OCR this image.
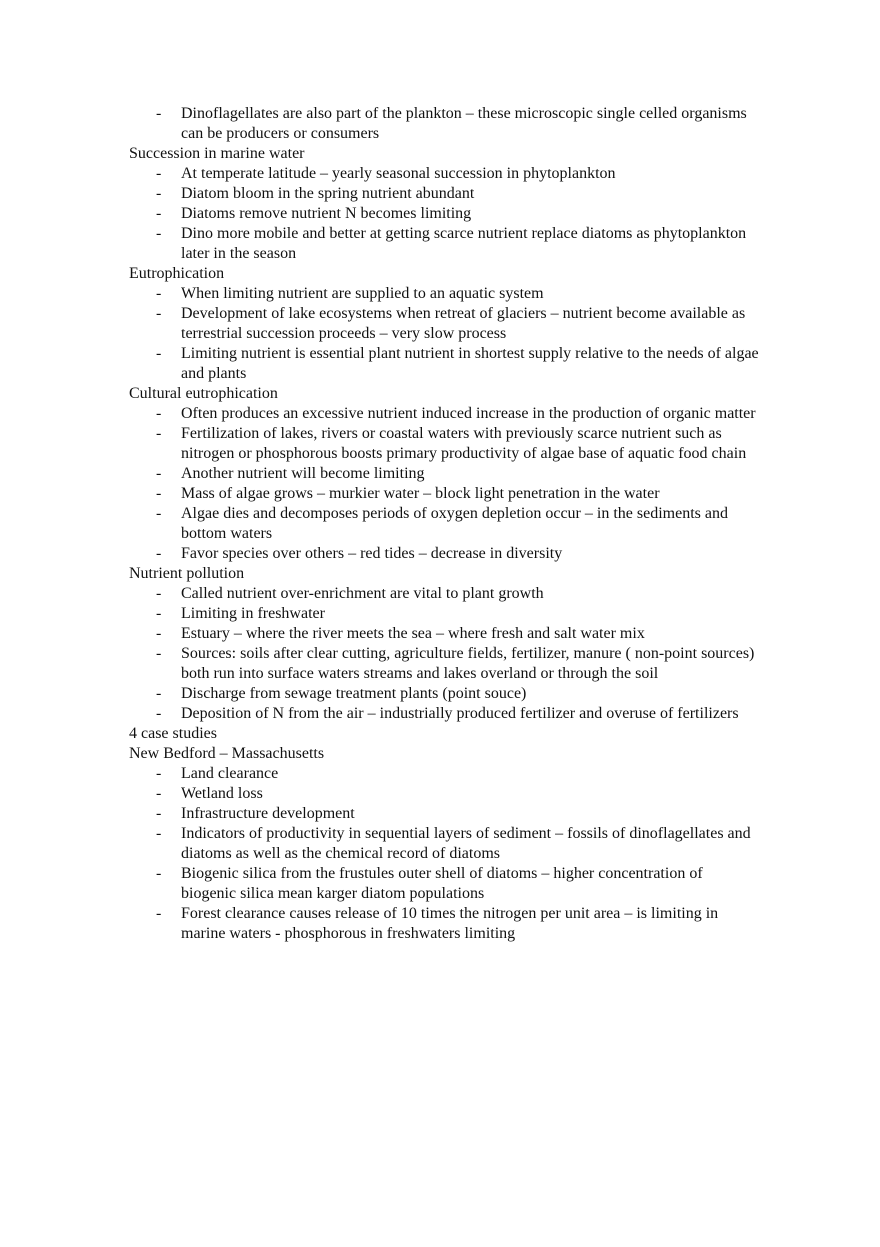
- Dinoflagellates are also part of the plankton – these microscopic single celled organisms can be producers or consumers
Succession in marine water
- At temperate latitude – yearly seasonal succession in phytoplankton
- Diatom bloom in the spring nutrient abundant
- Diatoms remove nutrient N becomes limiting
- Dino more mobile and better at getting scarce nutrient replace diatoms as phytoplankton later in the season
Eutrophication
- When limiting nutrient are supplied to an aquatic system
- Development of lake ecosystems when retreat of glaciers – nutrient become available as terrestrial succession proceeds – very slow process
- Limiting nutrient is essential plant nutrient in shortest supply relative to the needs of algae and plants
Cultural eutrophication
- Often produces an excessive nutrient induced increase in the production of organic matter
- Fertilization of lakes, rivers or coastal waters with previously scarce nutrient such as nitrogen or phosphorous boosts primary productivity of algae base of aquatic food chain
- Another nutrient will become limiting
- Mass of algae grows – murkier water – block light penetration in the water
- Algae dies and decomposes periods of oxygen depletion occur – in the sediments and bottom waters
- Favor species over others – red tides – decrease in diversity
Nutrient pollution
- Called nutrient over-enrichment are vital to plant growth
- Limiting in freshwater
- Estuary – where the river meets the sea – where fresh and salt water mix
- Sources: soils after clear cutting, agriculture fields, fertilizer, manure ( non-point sources) both run into surface waters streams and lakes overland or through the soil
- Discharge from sewage treatment plants (point souce)
- Deposition of N from the air – industrially produced fertilizer and overuse of fertilizers
4 case studies
New Bedford – Massachusetts
- Land clearance
- Wetland loss
- Infrastructure development
- Indicators of productivity in sequential layers of sediment – fossils of dinoflagellates and diatoms as well as the chemical record of diatoms
- Biogenic silica from the frustules outer shell of diatoms – higher concentration of biogenic silica mean karger diatom populations
- Forest clearance causes release of 10 times the nitrogen per unit area – is limiting in marine waters - phosphorous in freshwaters limiting
